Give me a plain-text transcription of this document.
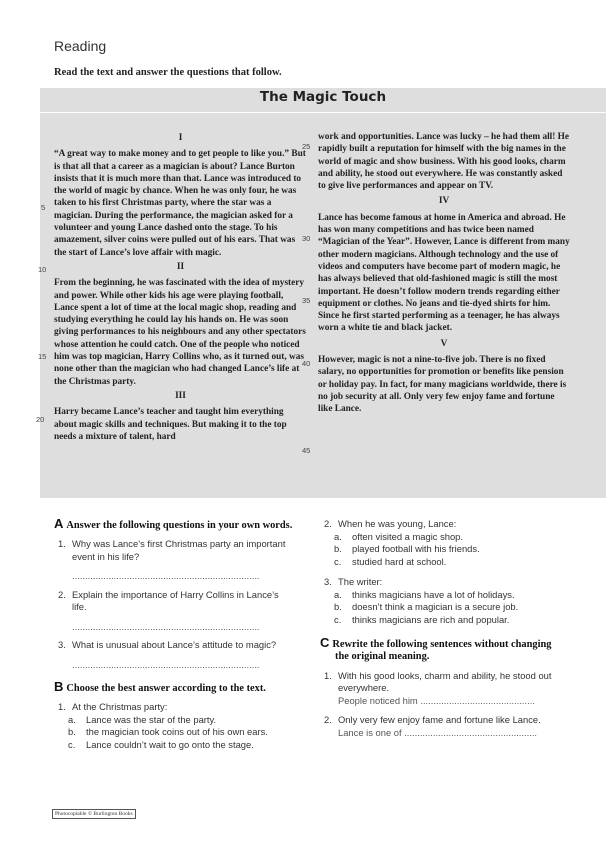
Reading
Read the text and answer the questions that follow.
The Magic Touch
I

“A great way to make money and to get people to like you.” But is that all that a career as a magician is about? Lance Burton insists that it is much more than that. Lance was introduced to the world of magic by chance. When he was only four, he was taken to his first Christmas party, where the star was a magician. During the performance, the magician asked for a volunteer and young Lance dashed onto the stage. To his amazement, silver coins were pulled out of his ears. That was the start of Lance’s love affair with magic.

II

From the beginning, he was fascinated with the idea of mystery and power. While other kids his age were playing football, Lance spent a lot of time at the local magic shop, reading and studying everything he could lay his hands on. He was soon giving performances to his neighbours and any other spectators whose attention he could catch. One of the people who noticed him was top magician, Harry Collins who, as it turned out, was none other than the magician who had changed Lance’s life at the Christmas party.

III

Harry became Lance’s teacher and taught him everything about magic skills and techniques. But making it to the top needs a mixture of talent, hard

work and opportunities. Lance was lucky – he had them all! He rapidly built a reputation for himself with the big names in the world of magic and show business. With his good looks, charm and ability, he stood out everywhere. He was constantly asked to give live performances and appear on TV.

IV

Lance has become famous at home in America and abroad. He has won many competitions and has twice been named “Magician of the Year”. However, Lance is different from many other modern magicians. Although technology and the use of videos and computers have become part of modern magic, he has always believed that old-fashioned magic is still the most important. He doesn’t follow modern trends regarding either equipment or clothes. No jeans and tie-dyed shirts for him. Since he first started performing as a teenager, he has always worn a white tie and black jacket.

V

However, magic is not a nine-to-five job. There is no fixed salary, no opportunities for promotion or benefits like pension or holiday pay. In fact, for many magicians worldwide, there is no job security at all. Only very few enjoy fame and fortune like Lance.

5
10
15
20
25
30
35
40
45
A Answer the following questions in your own words.
1. Why was Lance’s first Christmas party an important event in his life?
........................................................................
2. Explain the importance of Harry Collins in Lance’s life.
........................................................................
3. What is unusual about Lance’s attitude to magic?
........................................................................
B Choose the best answer according to the text.
1. At the Christmas party:
a. Lance was the star of the party.
b. the magician took coins out of his own ears.
c. Lance couldn’t wait to go onto the stage.
2. When he was young, Lance:
a. often visited a magic shop.
b. played football with his friends.
c. studied hard at school.
3. The writer:
a. thinks magicians have a lot of holidays.
b. doesn’t think a magician is a secure job.
c. thinks magicians are rich and popular.
C Rewrite the following sentences without changing the original meaning.
1. With his good looks, charm and ability, he stood out everywhere.
People noticed him ............................................
2. Only very few enjoy fame and fortune like Lance.
Lance is one of ...................................................
Photocopiable © Burlington Books
